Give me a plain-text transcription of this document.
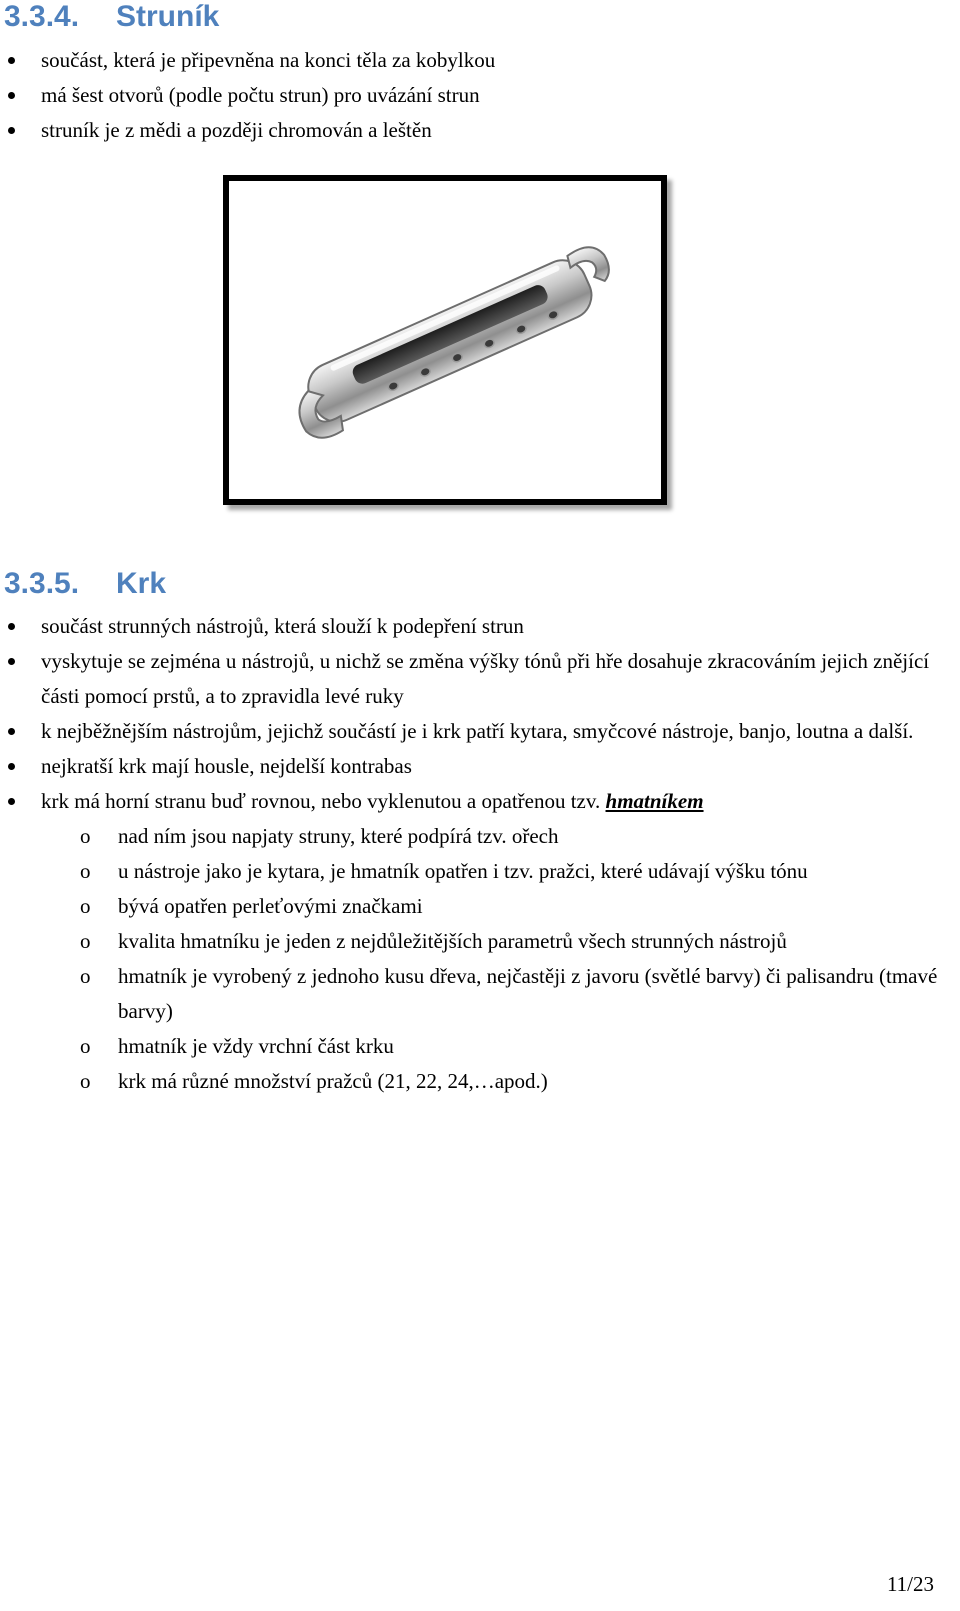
3.3.4. Struník
součást, která je připevněna na konci těla za kobylkou
má šest otvorů (podle počtu strun) pro uvázání strun
struník je z mědi a později chromován a leštěn
3.3.5. Krk
součást strunných nástrojů, která slouží k podepření strun
vyskytuje se zejména u nástrojů, u nichž se změna výšky tónů při hře dosahuje zkracováním jejich znějící části pomocí prstů, a to zpravidla levé ruky
k nejběžnějším nástrojům, jejichž součástí je i krk patří kytara, smyčcové nástroje, banjo, loutna a další.
nejkratší krk mají housle, nejdelší kontrabas
krk má horní stranu buď rovnou, nebo vyklenutou a opatřenou tzv. hmatníkem
o nad ním jsou napjaty struny, které podpírá tzv. ořech
o u nástroje jako je kytara, je hmatník opatřen i tzv. pražci, které udávají výšku tónu
o bývá opatřen perleťovými značkami
o kvalita hmatníku je jeden z nejdůležitějších parametrů všech strunných nástrojů
o hmatník je vyrobený z jednoho kusu dřeva, nejčastěji z javoru (světlé barvy) či palisandru (tmavé barvy)
o hmatník je vždy vrchní část krku
o krk má různé množství pražců (21, 22, 24,…apod.)
11/23
